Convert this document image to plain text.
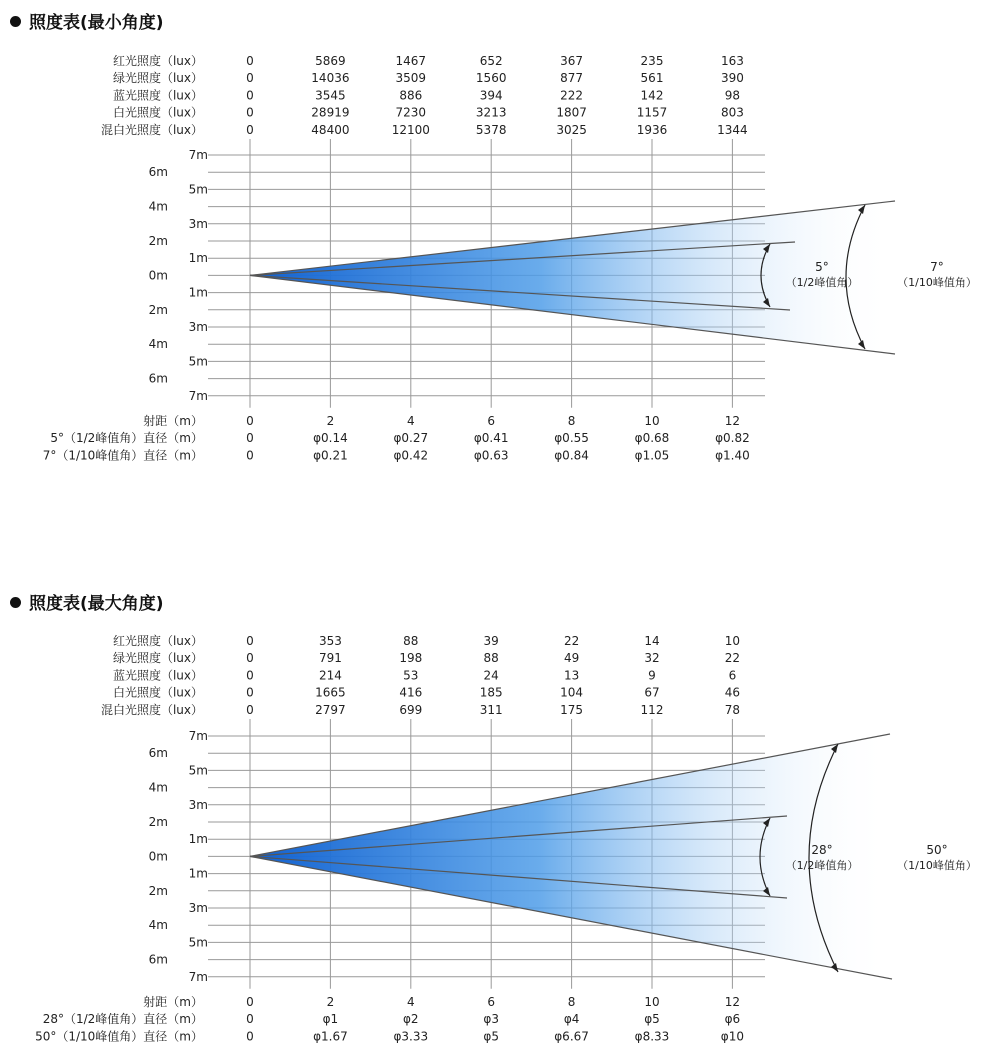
照度表(最小角度)
红光照度（lux）	0	5869	1467	652	367	235	163
绿光照度（lux）	0	14036	3509	1560	877	561	390
蓝光照度（lux）	0	3545	886	394	222	142	98
白光照度（lux）	0	28919	7230	3213	1807	1157	803
混白光照度（lux）	0	48400	12100	5378	3025	1936	1344
7m
6m
5m
4m
3m
2m
1m
0m
1m
2m
3m
4m
5m
6m
7m
5°
（1/2峰值角）
7°
（1/10峰值角）
射距（m）	0	2	4	6	8	10	12
5°（1/2峰值角）直径（m）	0	φ0.14	φ0.27	φ0.41	φ0.55	φ0.68	φ0.82
7°（1/10峰值角）直径（m）	0	φ0.21	φ0.42	φ0.63	φ0.84	φ1.05	φ1.40
照度表(最大角度)
红光照度（lux）	0	353	88	39	22	14	10
绿光照度（lux）	0	791	198	88	49	32	22
蓝光照度（lux）	0	214	53	24	13	9	6
白光照度（lux）	0	1665	416	185	104	67	46
混白光照度（lux）	0	2797	699	311	175	112	78
7m
6m
5m
4m
3m
2m
1m
0m
1m
2m
3m
4m
5m
6m
7m
28°
（1/2峰值角）
50°
（1/10峰值角）
射距（m）	0	2	4	6	8	10	12
28°（1/2峰值角）直径（m）	0	φ1	φ2	φ3	φ4	φ5	φ6
50°（1/10峰值角）直径（m）	0	φ1.67	φ3.33	φ5	φ6.67	φ8.33	φ10
